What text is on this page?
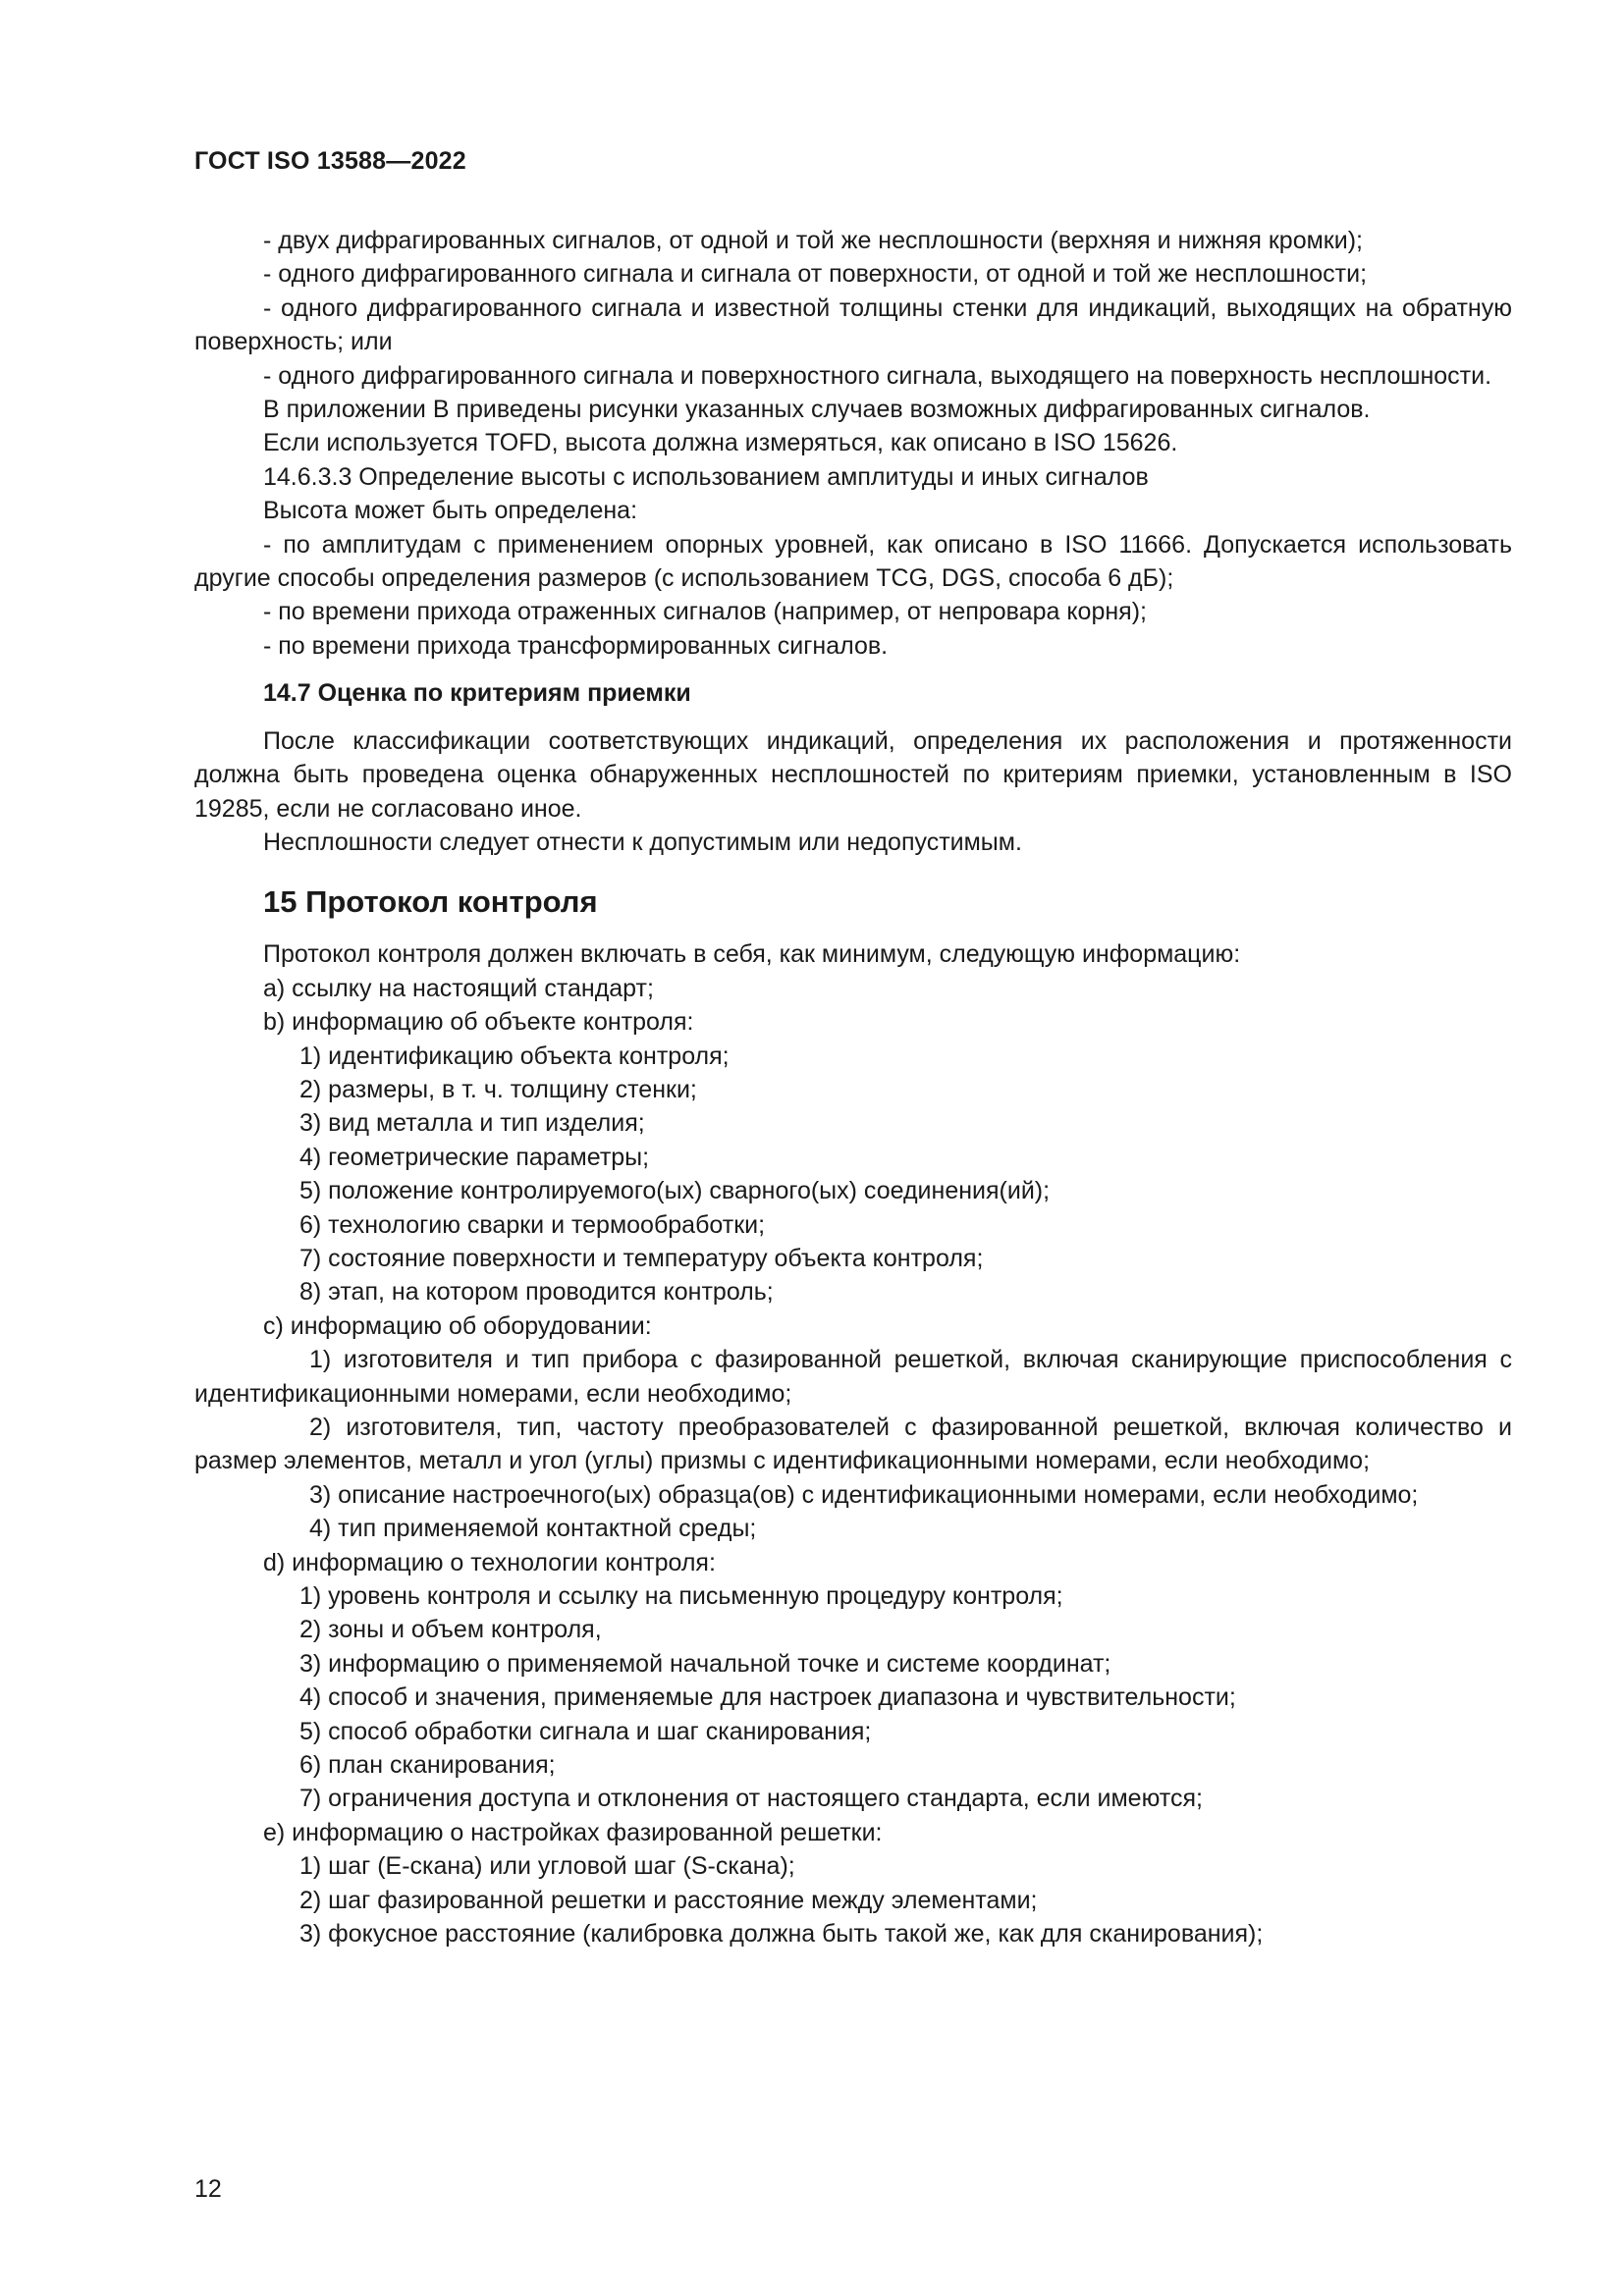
ГОСТ ISO 13588—2022

- двух дифрагированных сигналов, от одной и той же несплошности (верхняя и нижняя кромки);

- одного дифрагированного сигнала и сигнала от поверхности, от одной и той же несплошности;

- одного дифрагированного сигнала и известной толщины стенки для индикаций, выходящих на обратную поверхность; или

- одного дифрагированного сигнала и поверхностного сигнала, выходящего на поверхность несплошности.

В приложении В приведены рисунки указанных случаев возможных дифрагированных сигналов.

Если используется TOFD, высота должна измеряться, как описано в ISO 15626.

14.6.3.3 Определение высоты с использованием амплитуды и иных сигналов

Высота может быть определена:

- по амплитудам с применением опорных уровней, как описано в ISO 11666. Допускается использовать другие способы определения размеров (с использованием TCG, DGS, способа 6 дБ);

- по времени прихода отраженных сигналов (например, от непровара корня);

- по времени прихода трансформированных сигналов.

14.7 Оценка по критериям приемки

После классификации соответствующих индикаций, определения их расположения и протяженности должна быть проведена оценка обнаруженных несплошностей по критериям приемки, установленным в ISO 19285, если не согласовано иное.

Несплошности следует отнести к допустимым или недопустимым.

15 Протокол контроля

Протокол контроля должен включать в себя, как минимум, следующую информацию:

a) ссылку на настоящий стандарт;

b) информацию об объекте контроля:

1) идентификацию объекта контроля;

2) размеры, в т. ч. толщину стенки;

3) вид металла и тип изделия;

4) геометрические параметры;

5) положение контролируемого(ых) сварного(ых) соединения(ий);

6) технологию сварки и термообработки;

7) состояние поверхности и температуру объекта контроля;

8) этап, на котором проводится контроль;

c) информацию об оборудовании:

1) изготовителя и тип прибора с фазированной решеткой, включая сканирующие приспособления с идентификационными номерами, если необходимо;

2) изготовителя, тип, частоту преобразователей с фазированной решеткой, включая количество и размер элементов, металл и угол (углы) призмы с идентификационными номерами, если необходимо;

3) описание настроечного(ых) образца(ов) с идентификационными номерами, если необходимо;

4) тип применяемой контактной среды;

d) информацию о технологии контроля:

1) уровень контроля и ссылку на письменную процедуру контроля;

2) зоны и объем контроля,

3) информацию о применяемой начальной точке и системе координат;

4) способ и значения, применяемые для настроек диапазона и чувствительности;

5) способ обработки сигнала и шаг сканирования;

6) план сканирования;

7) ограничения доступа и отклонения от настоящего стандарта, если имеются;

e) информацию о настройках фазированной решетки:

1) шаг (Е-скана) или угловой шаг (S-скана);

2) шаг фазированной решетки и расстояние между элементами;

3) фокусное расстояние (калибровка должна быть такой же, как для сканирования);

12
